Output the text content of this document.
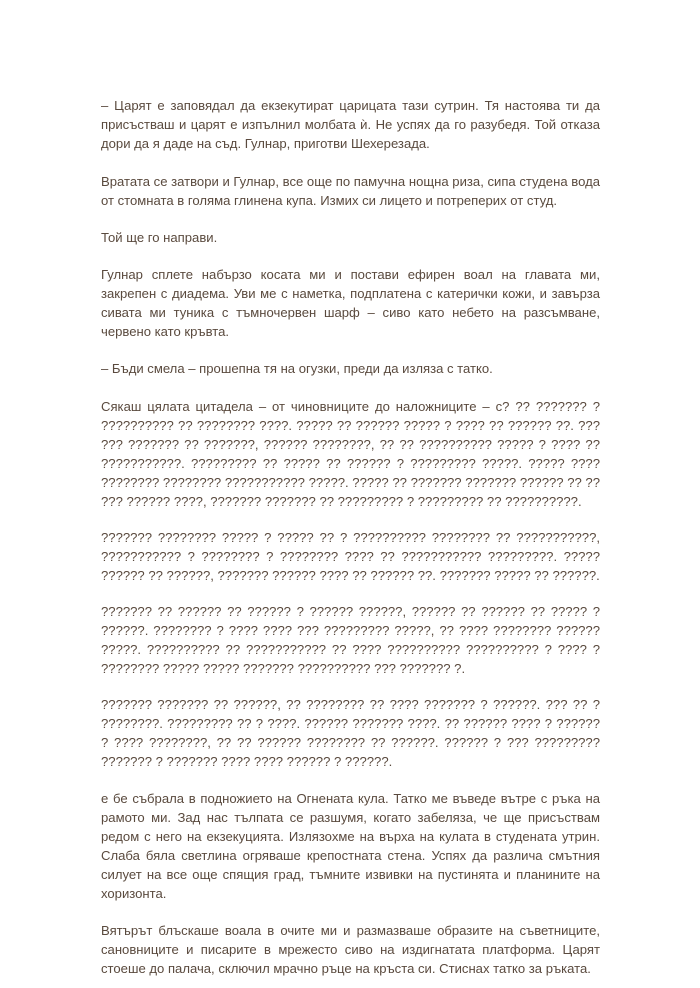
– Царят е заповядал да екзекутират царицата тази сутрин. Тя настоява ти да присъстваш и царят е изпълнил молбата ѝ. Не успях да го разубедя. Той отказа дори да я даде на съд. Гулнар, приготви Шехерезада.

Вратата се затвори и Гулнар, все още по памучна нощна риза, сипа студена вода от стомната в голяма глинена купа. Измих си лицето и потреперих от студ.

Той ще го направи.

Гулнар сплете набързо косата ми и постави ефирен воал на главата ми, закрепен с диадема. Уви ме с наметка, подплатена с катерички кожи, и завърза сивата ми туника с тъмночервен шарф – сиво като небето на разсъмване, червено като кръвта.

– Бъди смела – прошепна тя на огузки, преди да изляза с татко.

Сякаш цялата цитадела – от чиновниците до наложниците – с? ?? ??????? ? ?????????? ?? ???????? ????. ????? ?? ?????? ????? ? ???? ?? ?????? ??. ??? ??? ??????? ?? ???????, ?????? ????????, ?? ?? ?????????? ????? ? ???? ?? ???????????. ????????? ?? ????? ?? ?????? ? ????????? ?????. ????? ???? ???????? ???????? ??????????? ?????. ????? ?? ??????? ??????? ?????? ?? ?? ??? ?????? ????, ??????? ??????? ?? ????????? ? ????????? ?? ??????????.

??????? ???????? ????? ? ????? ?? ? ?????????? ???????? ?? ???????????, ??????????? ? ???????? ? ???????? ???? ?? ??????????? ?????????. ????? ?????? ?? ??????, ??????? ?????? ???? ?? ?????? ??. ??????? ????? ?? ??????.

??????? ?? ?????? ?? ?????? ? ?????? ??????, ?????? ?? ?????? ?? ????? ? ??????. ???????? ? ???? ???? ??? ????????? ?????, ?? ???? ???????? ?????? ?????. ?????????? ?? ??????????? ?? ???? ?????????? ?????????? ? ???? ? ???????? ????? ????? ??????? ?????????? ??? ??????? ?.

??????? ??????? ?? ??????, ?? ???????? ?? ???? ??????? ? ??????. ??? ?? ? ????????. ????????? ?? ? ????. ?????? ??????? ????. ?? ?????? ???? ? ?????? ? ???? ????????, ?? ?? ?????? ???????? ?? ??????. ?????? ? ??? ????????? ??????? ? ??????? ???? ???? ?????? ? ??????.

е бе събрала в подножието на Огнената кула. Татко ме въведе вътре с ръка на рамото ми. Зад нас тълпата се разшумя, когато забеляза, че ще присъствам редом с него на екзекуцията. Излязохме на върха на кулата в студената утрин. Слаба бяла светлина огряваше крепостната стена. Успях да различа смътния силует на все още спящия град, тъмните извивки на пустинята и планините на хоризонта.

Вятърът блъскаше воала в очите ми и размазваше образите на съветниците, сановниците и писарите в мрежесто сиво на издигнатата платформа. Царят стоеше до палача, сключил мрачно ръце на кръста си. Стиснах татко за ръката.
